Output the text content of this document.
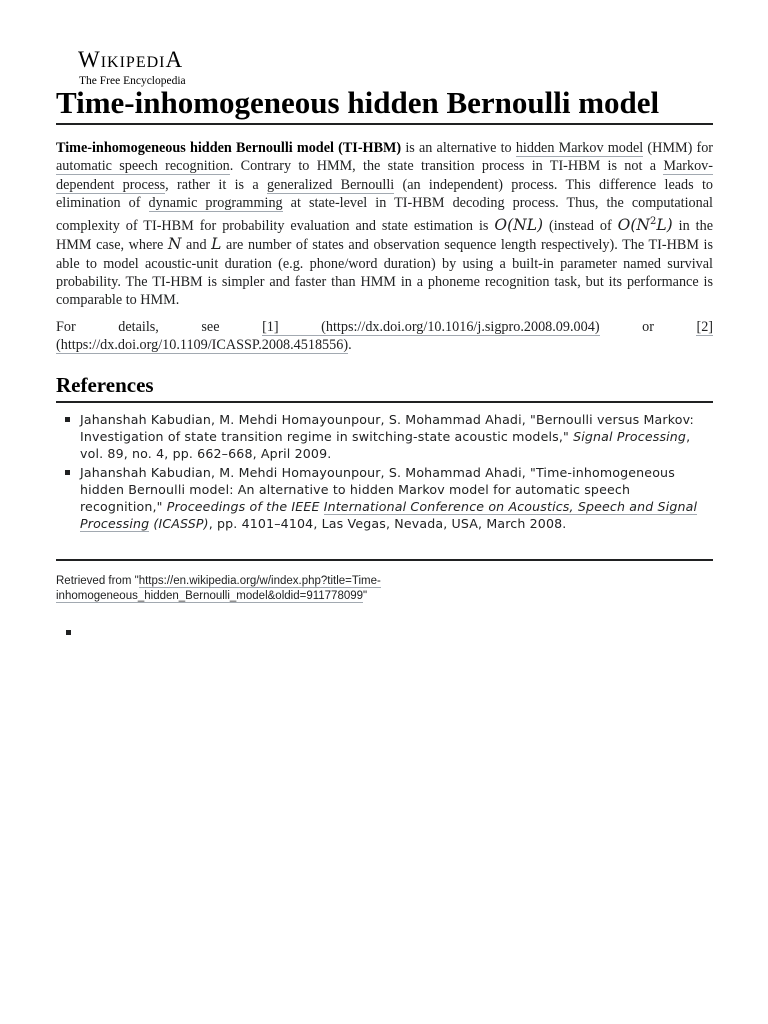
WIKIPEDIA
The Free Encyclopedia
Time-inhomogeneous hidden Bernoulli model

Time-inhomogeneous hidden Bernoulli model (TI-HBM) is an alternative to hidden Markov model (HMM) for automatic speech recognition. Contrary to HMM, the state transition process in TI-HBM is not a Markov-dependent process, rather it is a generalized Bernoulli (an independent) process. This difference leads to elimination of dynamic programming at state-level in TI-HBM decoding process. Thus, the computational complexity of TI-HBM for probability evaluation and state estimation is O(NL) (instead of $O(N^2L)$ in the HMM case, where N and L are number of states and observation sequence length respectively). The TI-HBM is able to model acoustic-unit duration (e.g. phone/word duration) by using a built-in parameter named survival probability. The TI-HBM is simpler and faster than HMM in a phoneme recognition task, but its performance is comparable to HMM.

For details, see [1]	(https://dx.doi.org/10.1016/j.sigpro.2008.09.004) or [2] (https://dx.doi.org/10.1109/ICASSP.2008.4518556).

References
Jahanshah Kabudian, M. Mehdi Homayounpour, S. Mohammad Ahadi, "Bernoulli versus Markov: Investigation of state transition regime in switching-state acoustic models," Signal Processing, vol. 89, no. 4, pp. 662–668, April 2009.
Jahanshah Kabudian, M. Mehdi Homayounpour, S. Mohammad Ahadi, "Time-inhomogeneous hidden Bernoulli model: An alternative to hidden Markov model for automatic speech recognition," Proceedings of the IEEE International Conference on Acoustics, Speech and Signal Processing (ICASSP), pp. 4101–4104, Las Vegas, Nevada, USA, March 2008.
Retrieved from "https://en.wikipedia.org/w/index.php?title=Time-inhomogeneous_hidden_Bernoulli_model&oldid=911778099"
